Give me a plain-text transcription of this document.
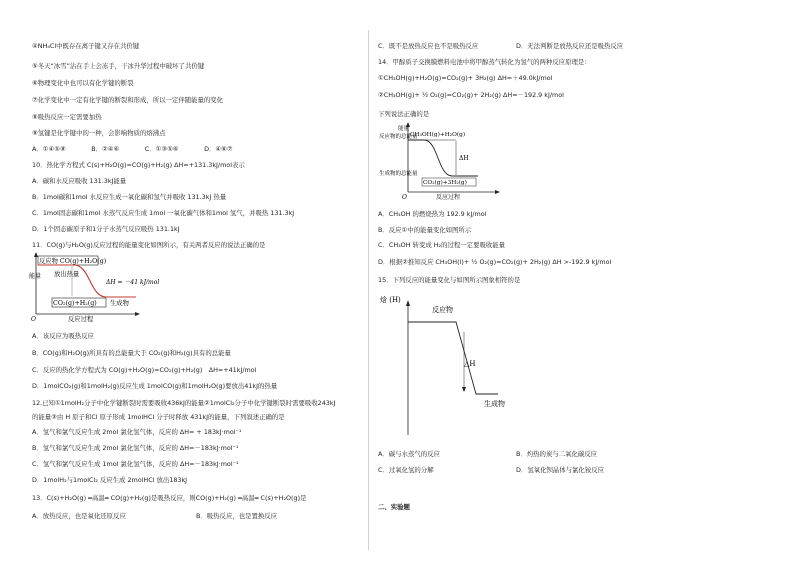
④NH₄Cl中既存在离子键又存在共价键
⑤冬天“冰雪”沾在手上会冻手，干冰升华过程中破坏了共价键
⑥物理变化中也可以有化学键的断裂
⑦化学变化中一定有化学键的断裂和形成，所以一定伴随能量的变化
⑧吸热反应一定需要加热
⑨氢键是化学键中的一种，会影响物质的熔沸点
A．①④⑤⑧　　　　B．②④⑥　　　　C．①③⑤⑥　　　　D．④⑥⑦
10．热化学方程式 C(s)+H₂O(g)=CO(g)+H₂(g) ΔH=+131.3kJ/mol表示
A．碳和水反应吸收 131.3kJ能量
B．1mol碳和1mol 水反应生成一氧化碳和氢气并吸收 131.3kJ 热量
C．1mol固态碳和1mol 水蒸气反应生成 1mol 一氧化碳气体和1mol 氢气，并吸热 131.3kJ
D．1个固态碳原子和1分子水蒸气反应吸热 131.1kJ
11．CO(g)与H₂O(g)反应过程的能量变化如图所示，有关两者反应的说法正确的是
能量
反应物 CO(g)+H₂O(g)
放出热量
ΔH = －41 kJ/mol
CO₂(g)+H₂(g) 生成物
O	反应过程
A．该反应为吸热反应
B．CO(g)和H₂O(g)所具有的总能量大于 CO₂(g)和H₂(g)具有的总能量
C．反应的热化学方程式为 CO(g)+H₂O(g)=CO₂(g)+H₂(g)　ΔH=+41kJ/mol
D．1molCO₂(g)和1molH₂(g)反应生成 1molCO(g)和1molH₂O(g)要放出41kJ的热量
12.已知①1molH₂分子中化学键断裂时需要吸收436kJ的能量②1molCl₂分子中化学键断裂时需要吸收243kJ
的能量③由 H 原子和Cl 原子形成 1molHCl 分子时释放 431kJ的能量，下列叙述正确的是
A．氢气和氯气反应生成 2mol 氯化氢气体，反应的 ΔH= + 183kJ·mol⁻¹
B．氢气和氯气反应生成 2mol 氯化氢气体，反应的 ΔH=－183kJ·mol⁻¹
C．氢气和氯气反应生成 1mol 氯化氢气体，反应的 ΔH=－183kJ·mol⁻¹
D．1molH₂与1molCl₂ 反应生成 2molHCl 放出183kJ
13．C(s)+H₂O(g) ═高温═ CO(g)+H₂(g)是吸热反应，则CO(g)+H₂(g) ═高温═ C(s)+H₂O(g)是
A．放热反应，也是氧化还原反应	B．吸热反应，也是置换反应
C．既不是放热反应也不是吸热反应	D．无法判断是放热反应还是吸热反应
14．甲醇质子交换膜燃料电池中将甲醇蒸气转化为氢气的两种反应原理是：
①CH₃OH(g)+H₂O(g)=CO₂(g)+ 3H₂(g) ΔH=＋49.0kJ/mol
②CH₃OH(g)+ ½ O₂(g)=CO₂(g)+ 2H₂(g) ΔH=－192.9 kJ/mol
下列说法正确的是
能量
反应物的总能量
CH₃OH(g)+H₂O(g)
ΔH
生成物的总能量
CO₂(g)+3H₂(g)
O	反应过程
A．CH₃OH 的燃烧热为 192.9 kJ/mol
B．反应①中的能量变化如图所示
C．CH₃OH 转变成 H₂的过程一定要吸收能量
D．根据②推知反应 CH₃OH(l)+ ½ O₂(g)=CO₂(g)+ 2H₂(g) ΔH >-192.9 kJ/mol
15．下列反应的能量变化与如图所示图象相符的是
焓 (H)
反应物
△H
生成物
A．碳与水蒸气的反应	B．灼热的炭与二氧化碳反应
C．过氧化氢的分解	D．氢氧化钡晶体与氯化铵反应
二、实验题
